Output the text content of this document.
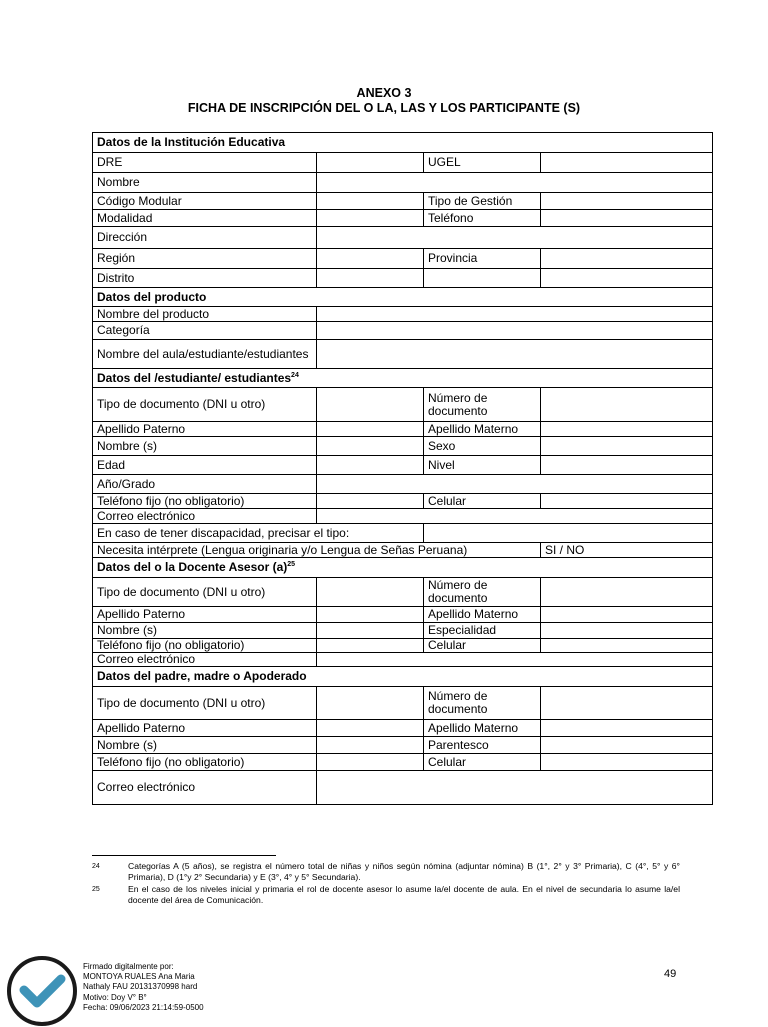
ANEXO 3
FICHA DE INSCRIPCIÓN DEL O LA, LAS Y LOS PARTICIPANTE (S)
Datos de la Institución Educativa			
DRE		UGEL	
Nombre			
Código Modular		Tipo de Gestión	
Modalidad		Teléfono	
Dirección			
Región		Provincia	
Distrito			
Datos del producto			
Nombre del producto			
Categoría			
Nombre del aula/estudiante/estudiantes			
Datos del /estudiante/ estudiantes$^{24}$
Tipo de documento (DNI u otro)		Número de documento	
Apellido Paterno		Apellido Materno	
Nombre (s)		Sexo	
Edad		Nivel	
Año/Grado			
Teléfono fijo (no obligatorio)		Celular	
Correo electrónico			
En caso de tener discapacidad, precisar el tipo:			
Necesita intérprete (Lengua originaria y/o Lengua de Señas Peruana)			SI / NO
Datos del o la Docente Asesor $(a)^{25}$
Tipo de documento (DNI u otro)		Número de documento	
Apellido Paterno		Apellido Materno	
Nombre (s)		Especialidad	
Teléfono fijo (no obligatorio)		Celular	
Correo electrónico			
Datos del padre, madre o Apoderado			
Tipo de documento (DNI u otro)		Número de documento	
Apellido Paterno		Apellido Materno	
Nombre (s)		Parentesco	
Teléfono fijo (no obligatorio)		Celular	
Correo electrónico			
24	Categorías A (5 años), se registra el número total de niñas y niños según nómina (adjuntar nómina) B (1°, 2° y 3° Primaria), C (4°, 5° y 6° Primaria), D (1°y 2° Secundaria) y E (3°, 4° y 5° Secundaria).
25	En el caso de los niveles inicial y primaria el rol de docente asesor lo asume la/el docente de aula. En el nivel de secundaria lo asume la/el docente del área de Comunicación.
Firmado digitalmente por:
MONTOYA RUALES Ana Maria
Nathaly FAU 20131370998 hard
Motivo: Doy V° B°
Fecha: 09/06/2023 21:14:59-0500
49
